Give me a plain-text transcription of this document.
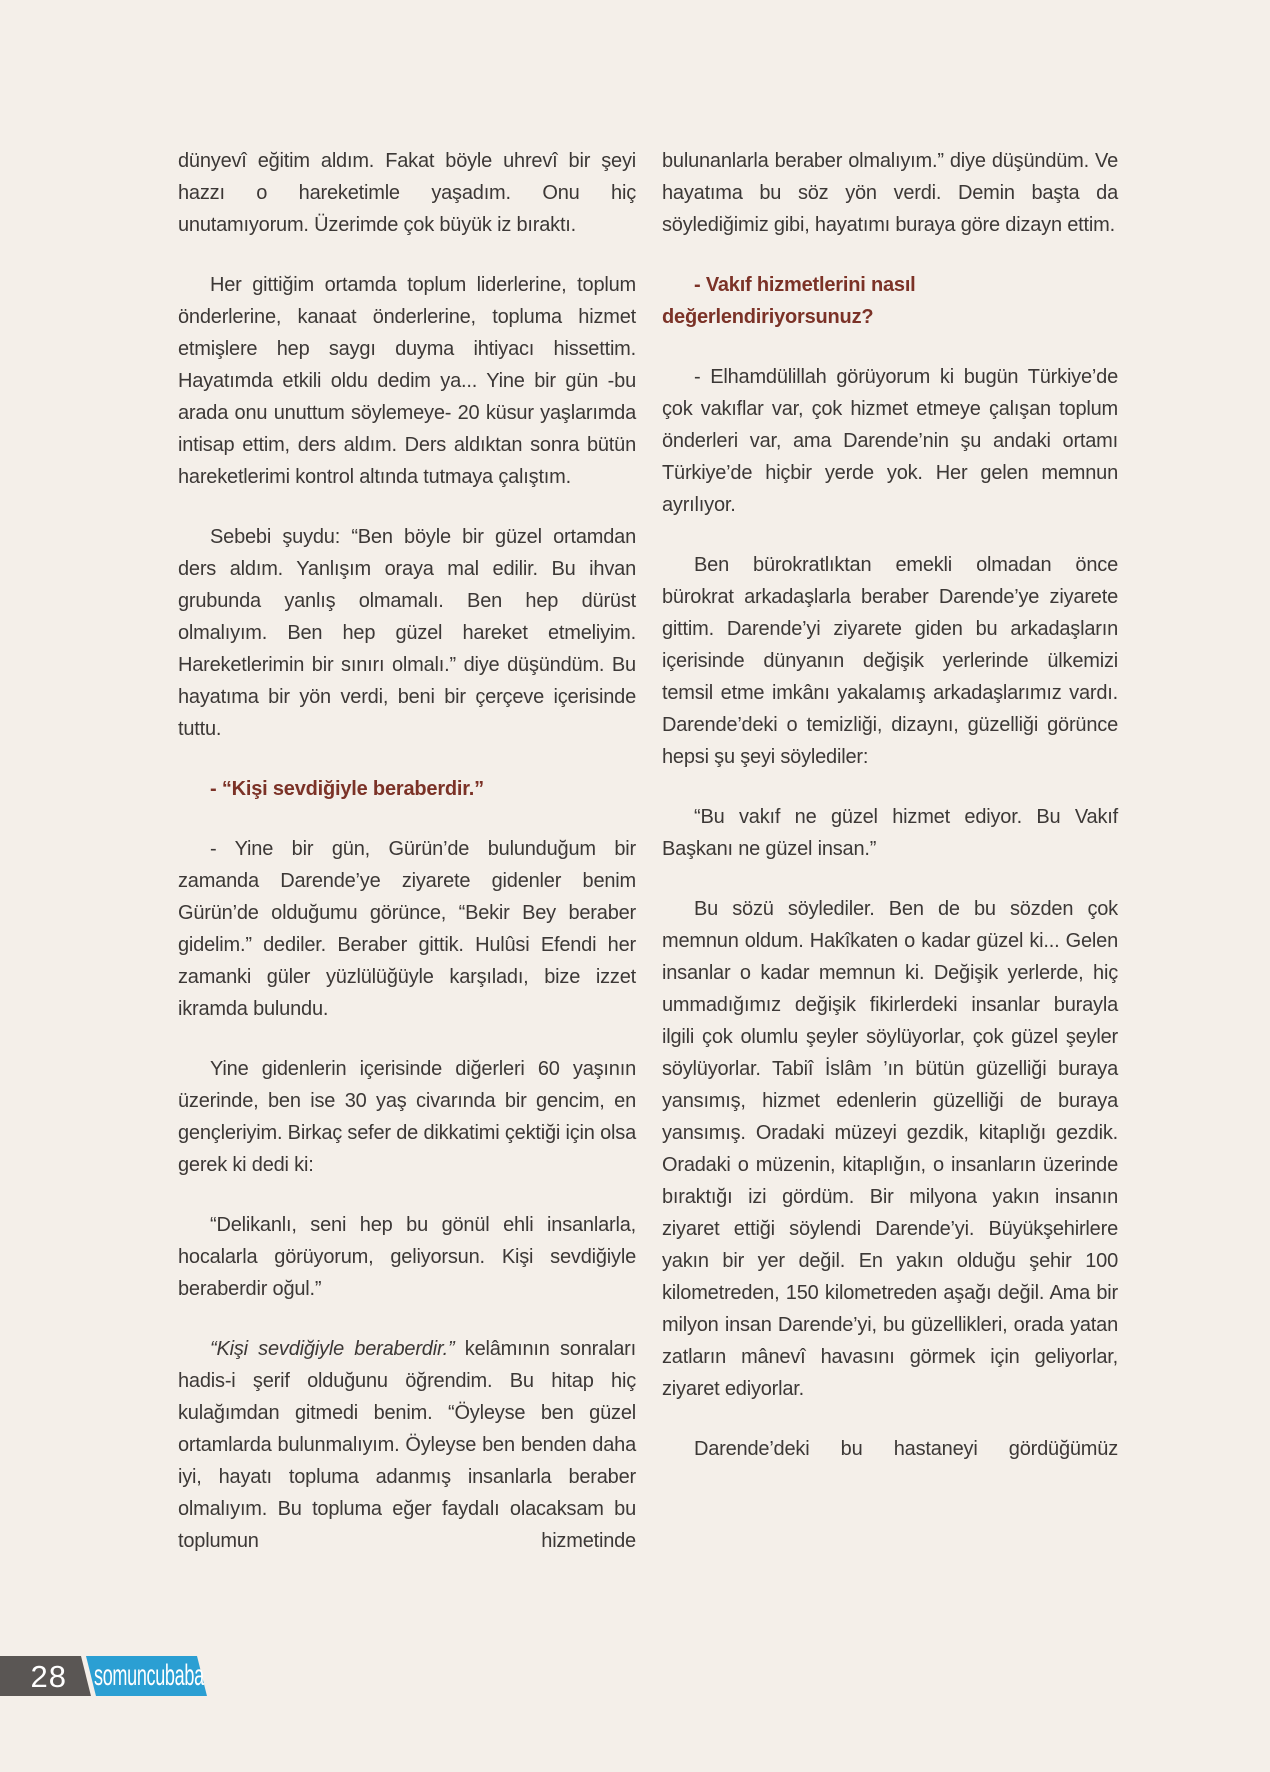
dünyevî eğitim aldım. Fakat böyle uhrevî bir şeyi hazzı o hareketimle yaşadım. Onu hiç unutamıyorum. Üzerimde çok büyük iz bıraktı.

Her gittiğim ortamda toplum liderlerine, toplum önderlerine, kanaat önderlerine, topluma hizmet etmişlere hep saygı duyma ihtiyacı hissettim. Hayatımda etkili oldu dedim ya... Yine bir gün -bu arada onu unuttum söylemeye- 20 küsur yaşlarımda intisap ettim, ders aldım. Ders aldıktan sonra bütün hareketlerimi kontrol altında tutmaya çalıştım.

Sebebi şuydu: “Ben böyle bir güzel ortamdan ders aldım. Yanlışım oraya mal edilir. Bu ihvan grubunda yanlış olmamalı. Ben hep dürüst olmalıyım. Ben hep güzel hareket etmeliyim. Hareketlerimin bir sınırı olmalı.” diye düşündüm. Bu hayatıma bir yön verdi, beni bir çerçeve içerisinde tuttu.

- “Kişi sevdiğiyle beraberdir.”

- Yine bir gün, Gürün’de bulunduğum bir zamanda Darende’ye ziyarete gidenler benim Gürün’de olduğumu görünce, “Bekir Bey beraber gidelim.” dediler. Beraber gittik. Hulûsi Efendi her zamanki güler yüzlülüğüyle karşıladı, bize izzet ikramda bulundu.

Yine gidenlerin içerisinde diğerleri 60 yaşının üzerinde, ben ise 30 yaş civarında bir gencim, en gençleriyim. Birkaç sefer de dikkatimi çektiği için olsa gerek ki dedi ki:

“Delikanlı, seni hep bu gönül ehli insanlarla, hocalarla görüyorum, geliyorsun. Kişi sevdiğiyle beraberdir oğul.”

“Kişi sevdiğiyle beraberdir.” kelâmının sonraları hadis-i şerif olduğunu öğrendim. Bu hitap hiç kulağımdan gitmedi benim. “Öyleyse ben güzel ortamlarda bulunmalıyım. Öyleyse ben benden daha iyi, hayatı topluma adanmış insanlarla beraber olmalıyım. Bu topluma eğer faydalı olacaksam bu toplumun hizmetinde

bulunanlarla beraber olmalıyım.” diye düşündüm. Ve hayatıma bu söz yön verdi. Demin başta da söylediğimiz gibi, hayatımı buraya göre dizayn ettim.

- Vakıf hizmetlerini nasıl
değerlendiriyorsunuz?

- Elhamdülillah görüyorum ki bugün Türkiye’de çok vakıflar var, çok hizmet etmeye çalışan toplum önderleri var, ama Darende’nin şu andaki ortamı Türkiye’de hiçbir yerde yok. Her gelen memnun ayrılıyor.

Ben bürokratlıktan emekli olmadan önce bürokrat arkadaşlarla beraber Darende’ye ziyarete gittim. Darende’yi ziyarete giden bu arkadaşların içerisinde dünyanın değişik yerlerinde ülkemizi temsil etme imkânı yakalamış arkadaşlarımız vardı. Darende’deki o temizliği, dizaynı, güzelliği görünce hepsi şu şeyi söylediler:

“Bu vakıf ne güzel hizmet ediyor. Bu Vakıf Başkanı ne güzel insan.”

Bu sözü söylediler. Ben de bu sözden çok memnun oldum. Hakîkaten o kadar güzel ki... Gelen insanlar o kadar memnun ki. Değişik yerlerde, hiç ummadığımız değişik fikirlerdeki insanlar burayla ilgili çok olumlu şeyler söylüyorlar, çok güzel şeyler söylüyorlar. Tabiî İslâm ’ın bütün güzelliği buraya yansımış, hizmet edenlerin güzelliği de buraya yansımış. Oradaki müzeyi gezdik, kitaplığı gezdik. Oradaki o müzenin, kitaplığın, o insanların üzerinde bıraktığı izi gördüm. Bir milyona yakın insanın ziyaret ettiği söylendi Darende’yi. Büyükşehirlere yakın bir yer değil. En yakın olduğu şehir 100 kilometreden, 150 kilometreden aşağı değil. Ama bir milyon insan Darende’yi, bu güzellikleri, orada yatan zatların mânevî havasını görmek için geliyorlar, ziyaret ediyorlar.

Darende’deki bu hastaneyi gördüğümüz

28 somuncubaba
